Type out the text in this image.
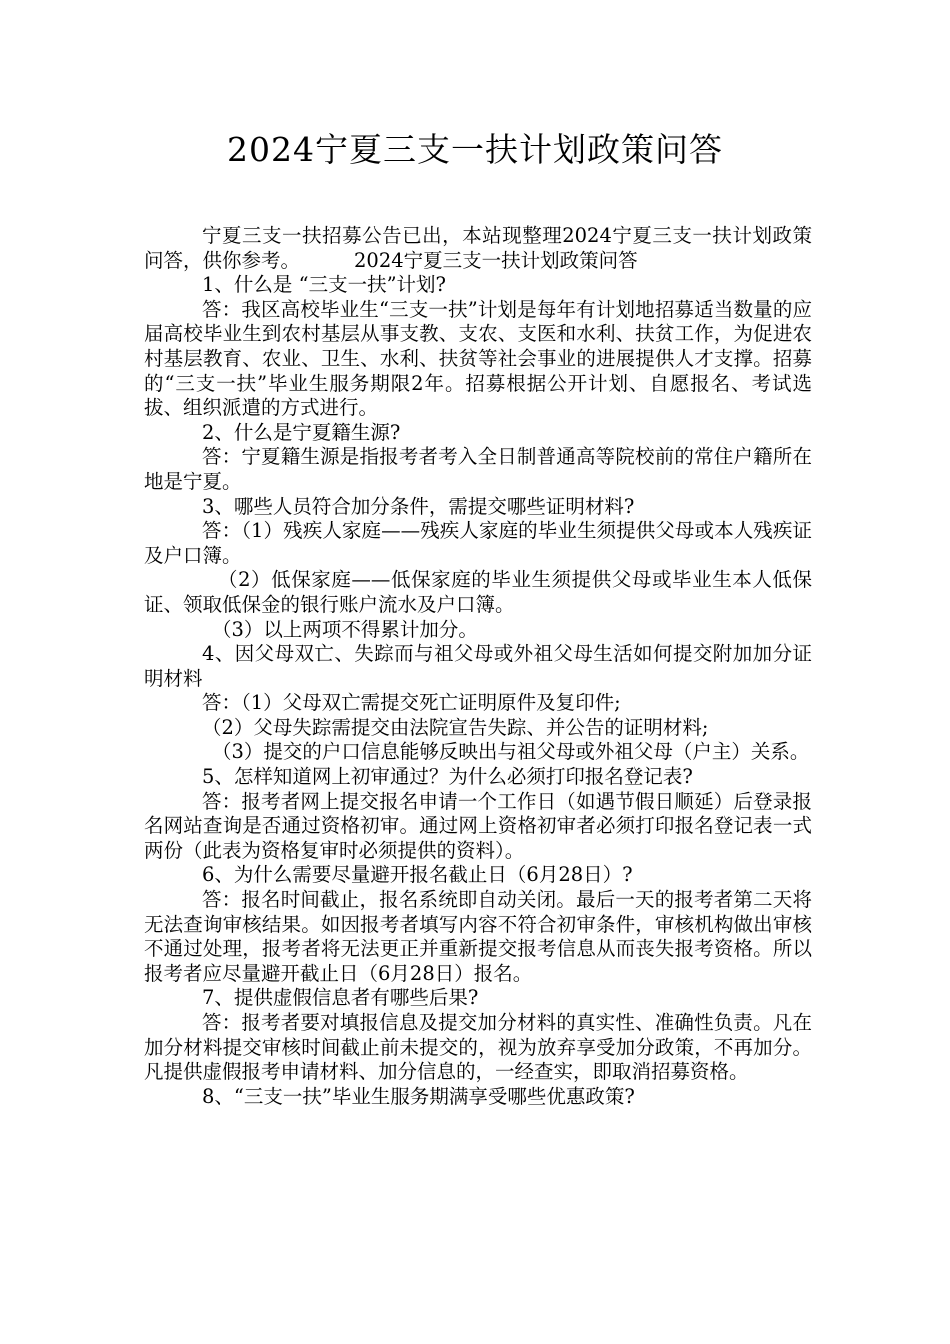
2024宁夏三支一扶计划政策问答

宁夏三支一扶招募公告已出，本站现整理2024宁夏三支一扶计划政策问答，供你参考。	2024宁夏三支一扶计划政策问答

1、什么是 “三支一扶”计划?

答：我区高校毕业生“三支一扶”计划是每年有计划地招募适当数量的应届高校毕业生到农村基层从事支教、支农、支医和水利、扶贫工作，为促进农村基层教育、农业、卫生、水利、扶贫等社会事业的进展提供人才支撑。招募的“三支一扶”毕业生服务期限2年。招募根据公开计划、自愿报名、考试选拔、组织派遣的方式进行。

2、什么是宁夏籍生源?

答：宁夏籍生源是指报考者考入全日制普通高等院校前的常住户籍所在地是宁夏。

3、哪些人员符合加分条件，需提交哪些证明材料?

答：（1）残疾人家庭——残疾人家庭的毕业生须提供父母或本人残疾证及户口簿。

（2）低保家庭——低保家庭的毕业生须提供父母或毕业生本人低保证、领取低保金的银行账户流水及户口簿。

（3）以上两项不得累计加分。

4、因父母双亡、失踪而与祖父母或外祖父母生活如何提交附加加分证明材料

答：（1）父母双亡需提交死亡证明原件及复印件;

（2）父母失踪需提交由法院宣告失踪、并公告的证明材料;

（3）提交的户口信息能够反映出与祖父母或外祖父母（户主）关系。

5、怎样知道网上初审通过？为什么必须打印报名登记表?

答：报考者网上提交报名申请一个工作日（如遇节假日顺延）后登录报名网站查询是否通过资格初审。通过网上资格初审者必须打印报名登记表一式两份（此表为资格复审时必须提供的资料）。

6、为什么需要尽量避开报名截止日（6月28日）?

答：报名时间截止，报名系统即自动关闭。最后一天的报考者第二天将无法查询审核结果。如因报考者填写内容不符合初审条件，审核机构做出审核不通过处理，报考者将无法更正并重新提交报考信息从而丧失报考资格。所以报考者应尽量避开截止日（6月28日）报名。

7、提供虚假信息者有哪些后果?

答：报考者要对填报信息及提交加分材料的真实性、准确性负责。凡在加分材料提交审核时间截止前未提交的，视为放弃享受加分政策，不再加分。凡提供虚假报考申请材料、加分信息的，一经查实，即取消招募资格。

8、“三支一扶”毕业生服务期满享受哪些优惠政策?
